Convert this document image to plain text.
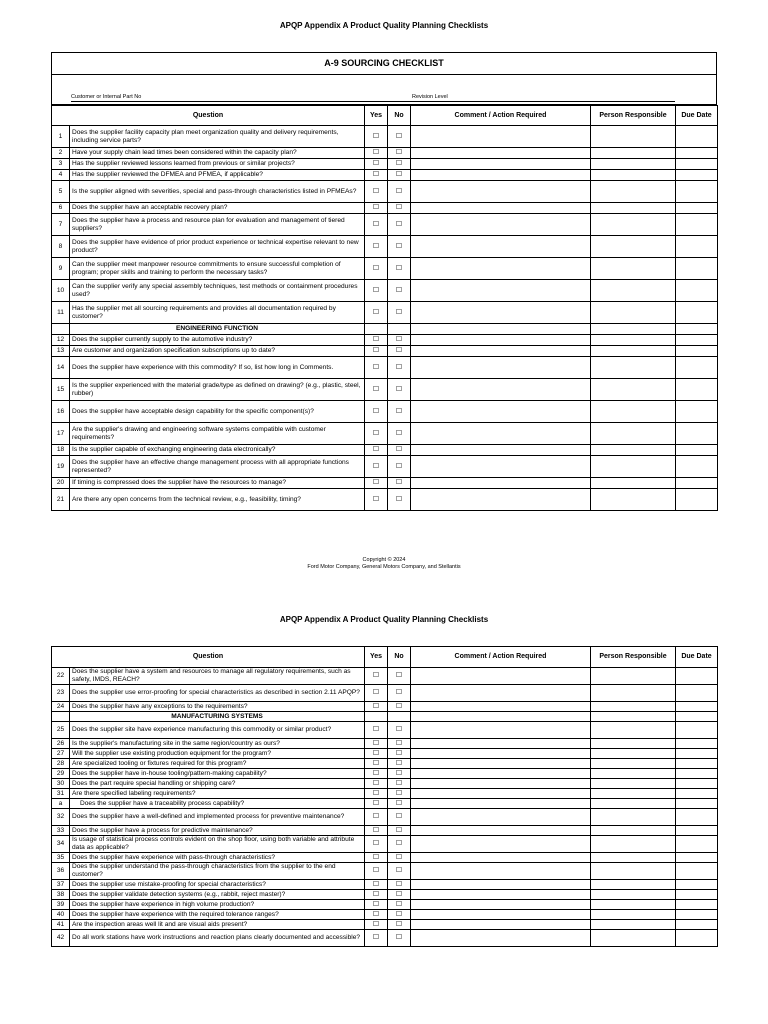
APQP Appendix A Product Quality Planning Checklists
A-9 SOURCING CHECKLIST
Customer or Internal Part No	Revision Level
Question		Yes	No	Comment / Action Required	Person Responsible	Due Date
1	Does the supplier facility capacity plan meet organization quality and delivery requirements, including service parts?	☐	☐			
2	Have your supply chain lead times been considered within the capacity plan?	☐	☐			
3	Has the supplier reviewed lessons learned from previous or similar projects?	☐	☐			
4	Has the supplier reviewed the DFMEA and PFMEA, if applicable?	☐	☐			
5	Is the supplier aligned with severities, special and pass-through characteristics listed in PFMEAs?	☐	☐			
6	Does the supplier have an acceptable recovery plan?	☐	☐			
7	Does the supplier have a process and resource plan for evaluation and management of tiered suppliers?	☐	☐			
8	Does the supplier have evidence of prior product experience or technical expertise relevant to new product?	☐	☐			
9	Can the supplier meet manpower resource commitments to ensure successful completion of program; proper skills and training to perform the necessary tasks?	☐	☐			
10	Can the supplier verify any special assembly techniques, test methods or containment procedures used?	☐	☐			
11	Has the supplier met all sourcing requirements and provides all documentation required by customer?	☐	☐			
	ENGINEERING FUNCTION					
12	Does the supplier currently supply to the automotive industry?	☐	☐			
13	Are customer and organization specification subscriptions up to date?	☐	☐			
14	Does the supplier have experience with this commodity? If so, list how long in Comments.	☐	☐			
15	Is the supplier experienced with the material grade/type as defined on drawing? (e.g., plastic, steel, rubber)	☐	☐			
16	Does the supplier have acceptable design capability for the specific component(s)?	☐	☐			
17	Are the supplier's drawing and engineering software systems compatible with customer requirements?	☐	☐			
18	Is the supplier capable of exchanging engineering data electronically?	☐	☐			
19	Does the supplier have an effective change management process with all appropriate functions represented?	☐	☐			
20	If timing is compressed does the supplier have the resources to manage?	☐	☐			
21	Are there any open concerns from the technical review, e.g., feasibility, timing?	☐	☐			
Copyright © 2024
Ford Motor Company, General Motors Company, and Stellantis
APQP Appendix A Product Quality Planning Checklists
Question		Yes	No	Comment / Action Required	Person Responsible	Due Date
22	Does the supplier have a system and resources to manage all regulatory requirements, such as safety, IMDS, REACH?	☐	☐			
23	Does the supplier use error-proofing for special characteristics as described in section 2.11 APQP?	☐	☐			
24	Does the supplier have any exceptions to the requirements?	☐	☐			
	MANUFACTURING SYSTEMS					
25	Does the supplier site have experience manufacturing this commodity or similar product?	☐	☐			
26	Is the supplier's manufacturing site in the same region/country as ours?	☐	☐			
27	Will the supplier use existing production equipment for the program?	☐	☐			
28	Are specialized tooling or fixtures required for this program?	☐	☐			
29	Does the supplier have in-house tooling/pattern-making capability?	☐	☐			
30	Does the part require special handling or shipping care?	☐	☐			
31	Are there specified labeling requirements?	☐	☐			
a	Does the supplier have a traceability process capability?	☐	☐			
32	Does the supplier have a well-defined and implemented process for preventive maintenance?	☐	☐			
33	Does the supplier have a process for predictive maintenance?	☐	☐			
34	Is usage of statistical process controls evident on the shop floor, using both variable and attribute data as applicable?	☐	☐			
35	Does the supplier have experience with pass-through characteristics?	☐	☐			
36	Does the supplier understand the pass-through characteristics from the supplier to the end customer?	☐	☐			
37	Does the supplier use mistake-proofing for special characteristics?	☐	☐			
38	Does the supplier validate detection systems (e.g., rabbit, reject master)?	☐	☐			
39	Does the supplier have experience in high volume production?	☐	☐			
40	Does the supplier have experience with the required tolerance ranges?	☐	☐			
41	Are the inspection areas well lit and are visual aids present?	☐	☐			
42	Do all work stations have work instructions and reaction plans clearly documented and accessible?	☐	☐			
